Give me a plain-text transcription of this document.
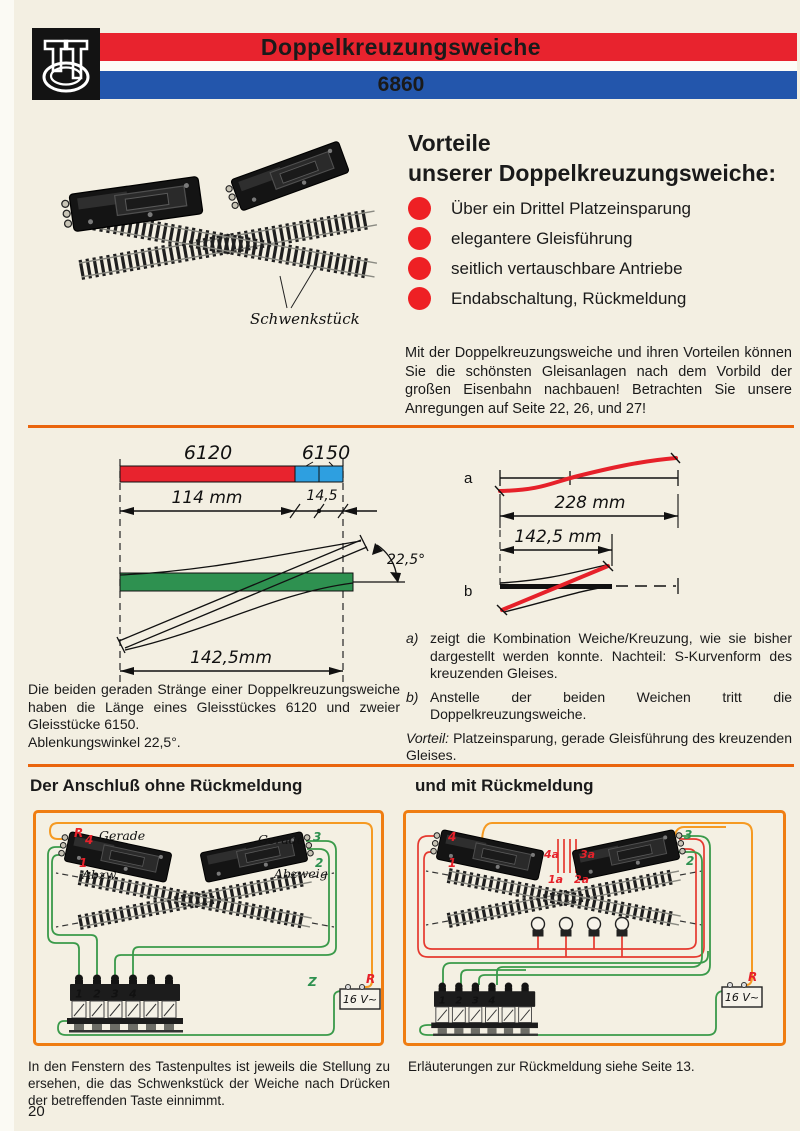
Doppelkreuzungsweiche
6860
Schwenkstück
Vorteile
unserer Doppelkreuzungsweiche:
Über ein Drittel Platzeinsparung
elegantere Gleisführung
seitlich vertauschbare Antriebe
Endabschaltung, Rückmeldung
Mit der Doppelkreuzungsweiche und ihren Vorteilen können Sie die schönsten Gleisanlagen nach dem Vorbild der großen Eisenbahn nachbauen! Betrachten Sie unsere Anregungen auf Seite 22, 26, und 27!
6120	6150
114 mm	14,5
22,5°
142,5mm

Die beiden geraden Stränge einer Doppelkreuzungsweiche haben die Länge eines Gleisstückes 6120 und zweier Gleisstücke 6150.

Ablenkungswinkel 22,5°.

a
228 mm
142,5 mm
b
a) zeigt die Kombination Weiche/Kreuzung, wie sie bisher dargestellt werden konnte. Nachteil: S-Kurvenform des kreuzenden Gleises.
b) Anstelle der beiden Weichen tritt die Doppelkreuzungsweiche.
Vorteil: Platzeinsparung, gerade Gleisführung des kreuzenden Gleises.
Der Anschluß ohne Rückmeldung	und mit Rückmeldung
R 4 Gerade
1
Abzw.
Gerade 3
2
Abzweig
Z	R
16 V~
1 2 3 4
4
1
4a 3a
1a 2a
3
2
R
16 V~
1 2 3 4
In den Fenstern des Tastenpultes ist jeweils die Stellung zu ersehen, die das Schwenkstück der Weiche nach Drücken der betreffenden Taste einnimmt.
Erläuterungen zur Rückmeldung siehe Seite 13.
20
